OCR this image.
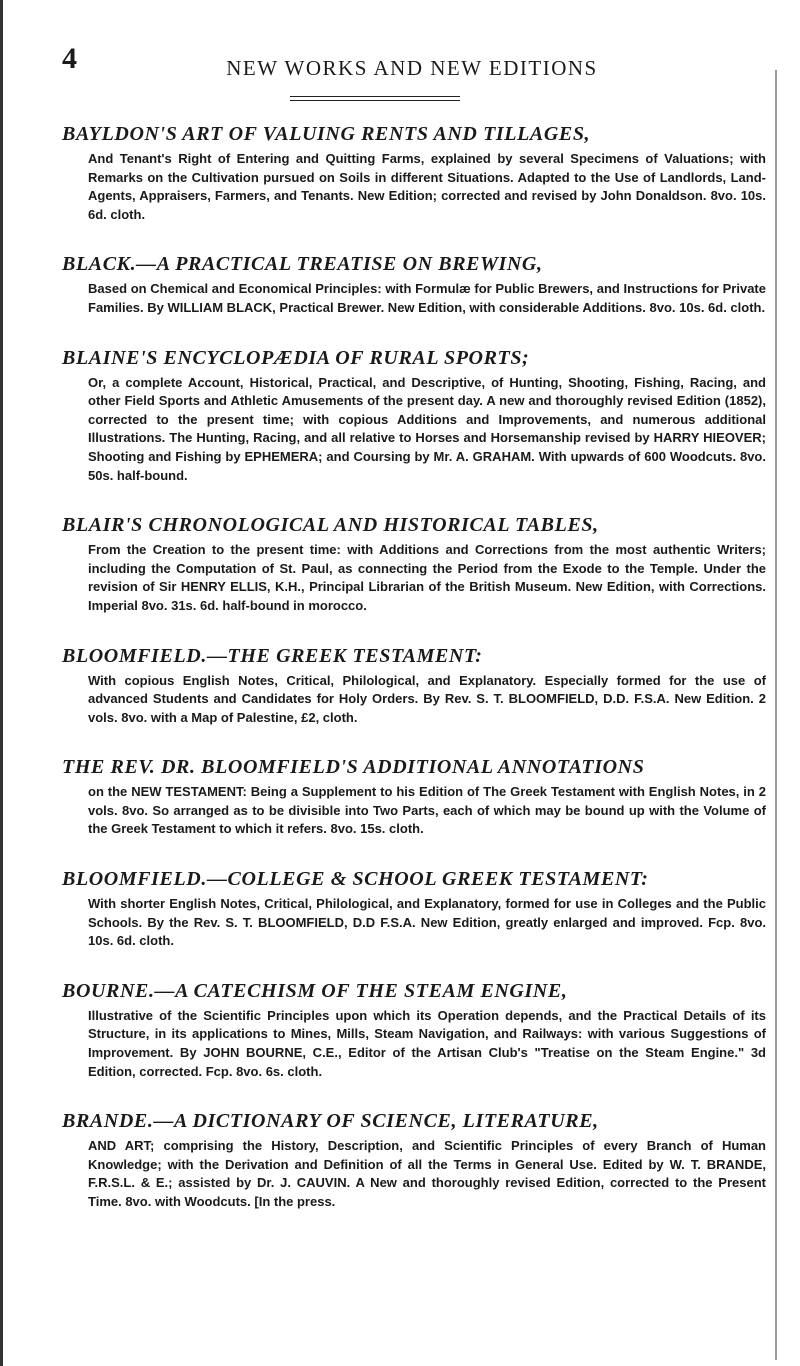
4	NEW WORKS AND NEW EDITIONS
BAYLDON'S ART OF VALUING RENTS AND TILLAGES,

And Tenant's Right of Entering and Quitting Farms, explained by several Specimens of Valuations; with Remarks on the Cultivation pursued on Soils in different Situations. Adapted to the Use of Landlords, Land-Agents, Appraisers, Farmers, and Tenants. New Edition; corrected and revised by John Donaldson. 8vo. 10s. 6d. cloth.

BLACK.—A PRACTICAL TREATISE ON BREWING,

Based on Chemical and Economical Principles: with Formulæ for Public Brewers, and Instructions for Private Families. By WILLIAM BLACK, Practical Brewer. New Edition, with considerable Additions. 8vo. 10s. 6d. cloth.

BLAINE'S ENCYCLOPÆDIA OF RURAL SPORTS;

Or, a complete Account, Historical, Practical, and Descriptive, of Hunting, Shooting, Fishing, Racing, and other Field Sports and Athletic Amusements of the present day. A new and thoroughly revised Edition (1852), corrected to the present time; with copious Additions and Improvements, and numerous additional Illustrations. The Hunting, Racing, and all relative to Horses and Horsemanship revised by HARRY HIEOVER; Shooting and Fishing by EPHEMERA; and Coursing by Mr. A. GRAHAM. With upwards of 600 Woodcuts. 8vo. 50s. half-bound.

BLAIR'S CHRONOLOGICAL AND HISTORICAL TABLES,

From the Creation to the present time: with Additions and Corrections from the most authentic Writers; including the Computation of St. Paul, as connecting the Period from the Exode to the Temple. Under the revision of Sir HENRY ELLIS, K.H., Principal Librarian of the British Museum. New Edition, with Corrections. Imperial 8vo. 31s. 6d. half-bound in morocco.

BLOOMFIELD.—THE GREEK TESTAMENT:

With copious English Notes, Critical, Philological, and Explanatory. Especially formed for the use of advanced Students and Candidates for Holy Orders. By Rev. S. T. BLOOMFIELD, D.D. F.S.A. New Edition. 2 vols. 8vo. with a Map of Palestine, £2, cloth.

THE REV. DR. BLOOMFIELD'S ADDITIONAL ANNOTATIONS

on the NEW TESTAMENT: Being a Supplement to his Edition of The Greek Testament with English Notes, in 2 vols. 8vo. So arranged as to be divisible into Two Parts, each of which may be bound up with the Volume of the Greek Testament to which it refers. 8vo. 15s. cloth.

BLOOMFIELD.—COLLEGE & SCHOOL GREEK TESTAMENT:

With shorter English Notes, Critical, Philological, and Explanatory, formed for use in Colleges and the Public Schools. By the Rev. S. T. BLOOMFIELD, D.D F.S.A. New Edition, greatly enlarged and improved. Fcp. 8vo. 10s. 6d. cloth.

BOURNE.—A CATECHISM OF THE STEAM ENGINE,

Illustrative of the Scientific Principles upon which its Operation depends, and the Practical Details of its Structure, in its applications to Mines, Mills, Steam Navigation, and Railways: with various Suggestions of Improvement. By JOHN BOURNE, C.E., Editor of the Artisan Club's "Treatise on the Steam Engine." 3d Edition, corrected. Fcp. 8vo. 6s. cloth.

BRANDE.—A DICTIONARY OF SCIENCE, LITERATURE,

AND ART; comprising the History, Description, and Scientific Principles of every Branch of Human Knowledge; with the Derivation and Definition of all the Terms in General Use. Edited by W. T. BRANDE, F.R.S.L. & E.; assisted by Dr. J. CAUVIN. A New and thoroughly revised Edition, corrected to the Present Time. 8vo. with Woodcuts. [In the press.
